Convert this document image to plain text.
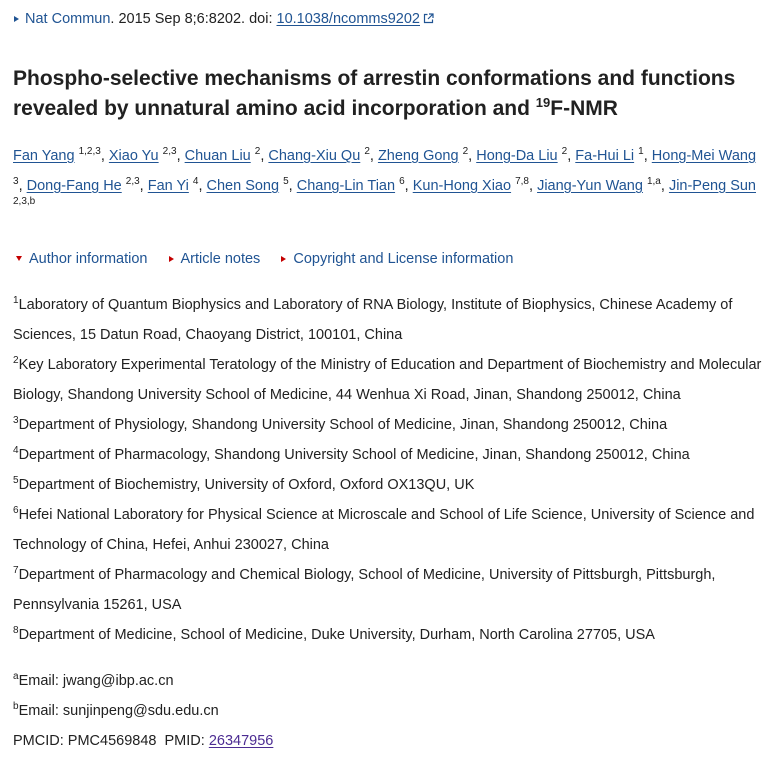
Nat Commun. 2015 Sep 8;6:8202. doi: 10.1038/ncomms9202
Phospho-selective mechanisms of arrestin conformations and functions revealed by unnatural amino acid incorporation and $^{19}$F-NMR
Fan Yang $^{1,2,3}$, Xiao Yu $^{2,3}$, Chuan Liu $^2$, Chang-Xiu Qu $^2$, Zheng Gong $^2$, Hong-Da Liu $^2$, Fa-Hui Li $^1$, Hong-Mei Wang $^3$, Dong-Fang He $^{2,3}$, Fan Yi $^4$, Chen Song $^5$, Chang-Lin Tian $^6$, Kun-Hong Xiao $^{7,8}$, Jiang-Yun Wang $^{1,a}$, Jin-Peng Sun
2,3,b
Author information Article notes Copyright and License information

$^1$Laboratory of Quantum Biophysics and Laboratory of RNA Biology, Institute of Biophysics, Chinese Academy of Sciences, 15 Datun Road, Chaoyang District, 100101, China

$^2$Key Laboratory Experimental Teratology of the Ministry of Education and Department of Biochemistry and Molecular Biology, Shandong University School of Medicine, 44 Wenhua Xi Road, Jinan, Shandong 250012, China

$^3$Department of Physiology, Shandong University School of Medicine, Jinan, Shandong 250012, China

$^4$Department of Pharmacology, Shandong University School of Medicine, Jinan, Shandong 250012, China

$^5$Department of Biochemistry, University of Oxford, Oxford OX13QU, UK

$^6$Hefei National Laboratory for Physical Science at Microscale and School of Life Science, University of Science and Technology of China, Hefei, Anhui 230027, China

$^7$Department of Pharmacology and Chemical Biology, School of Medicine, University of Pittsburgh, Pittsburgh, Pennsylvania 15261, USA

$^8$Department of Medicine, School of Medicine, Duke University, Durham, North Carolina 27705, USA

$^a$Email: jwang@ibp.ac.cn
$^b$Email: sunjinpeng@sdu.edu.cn
PMCID: PMC4569848 PMID: 26347956
